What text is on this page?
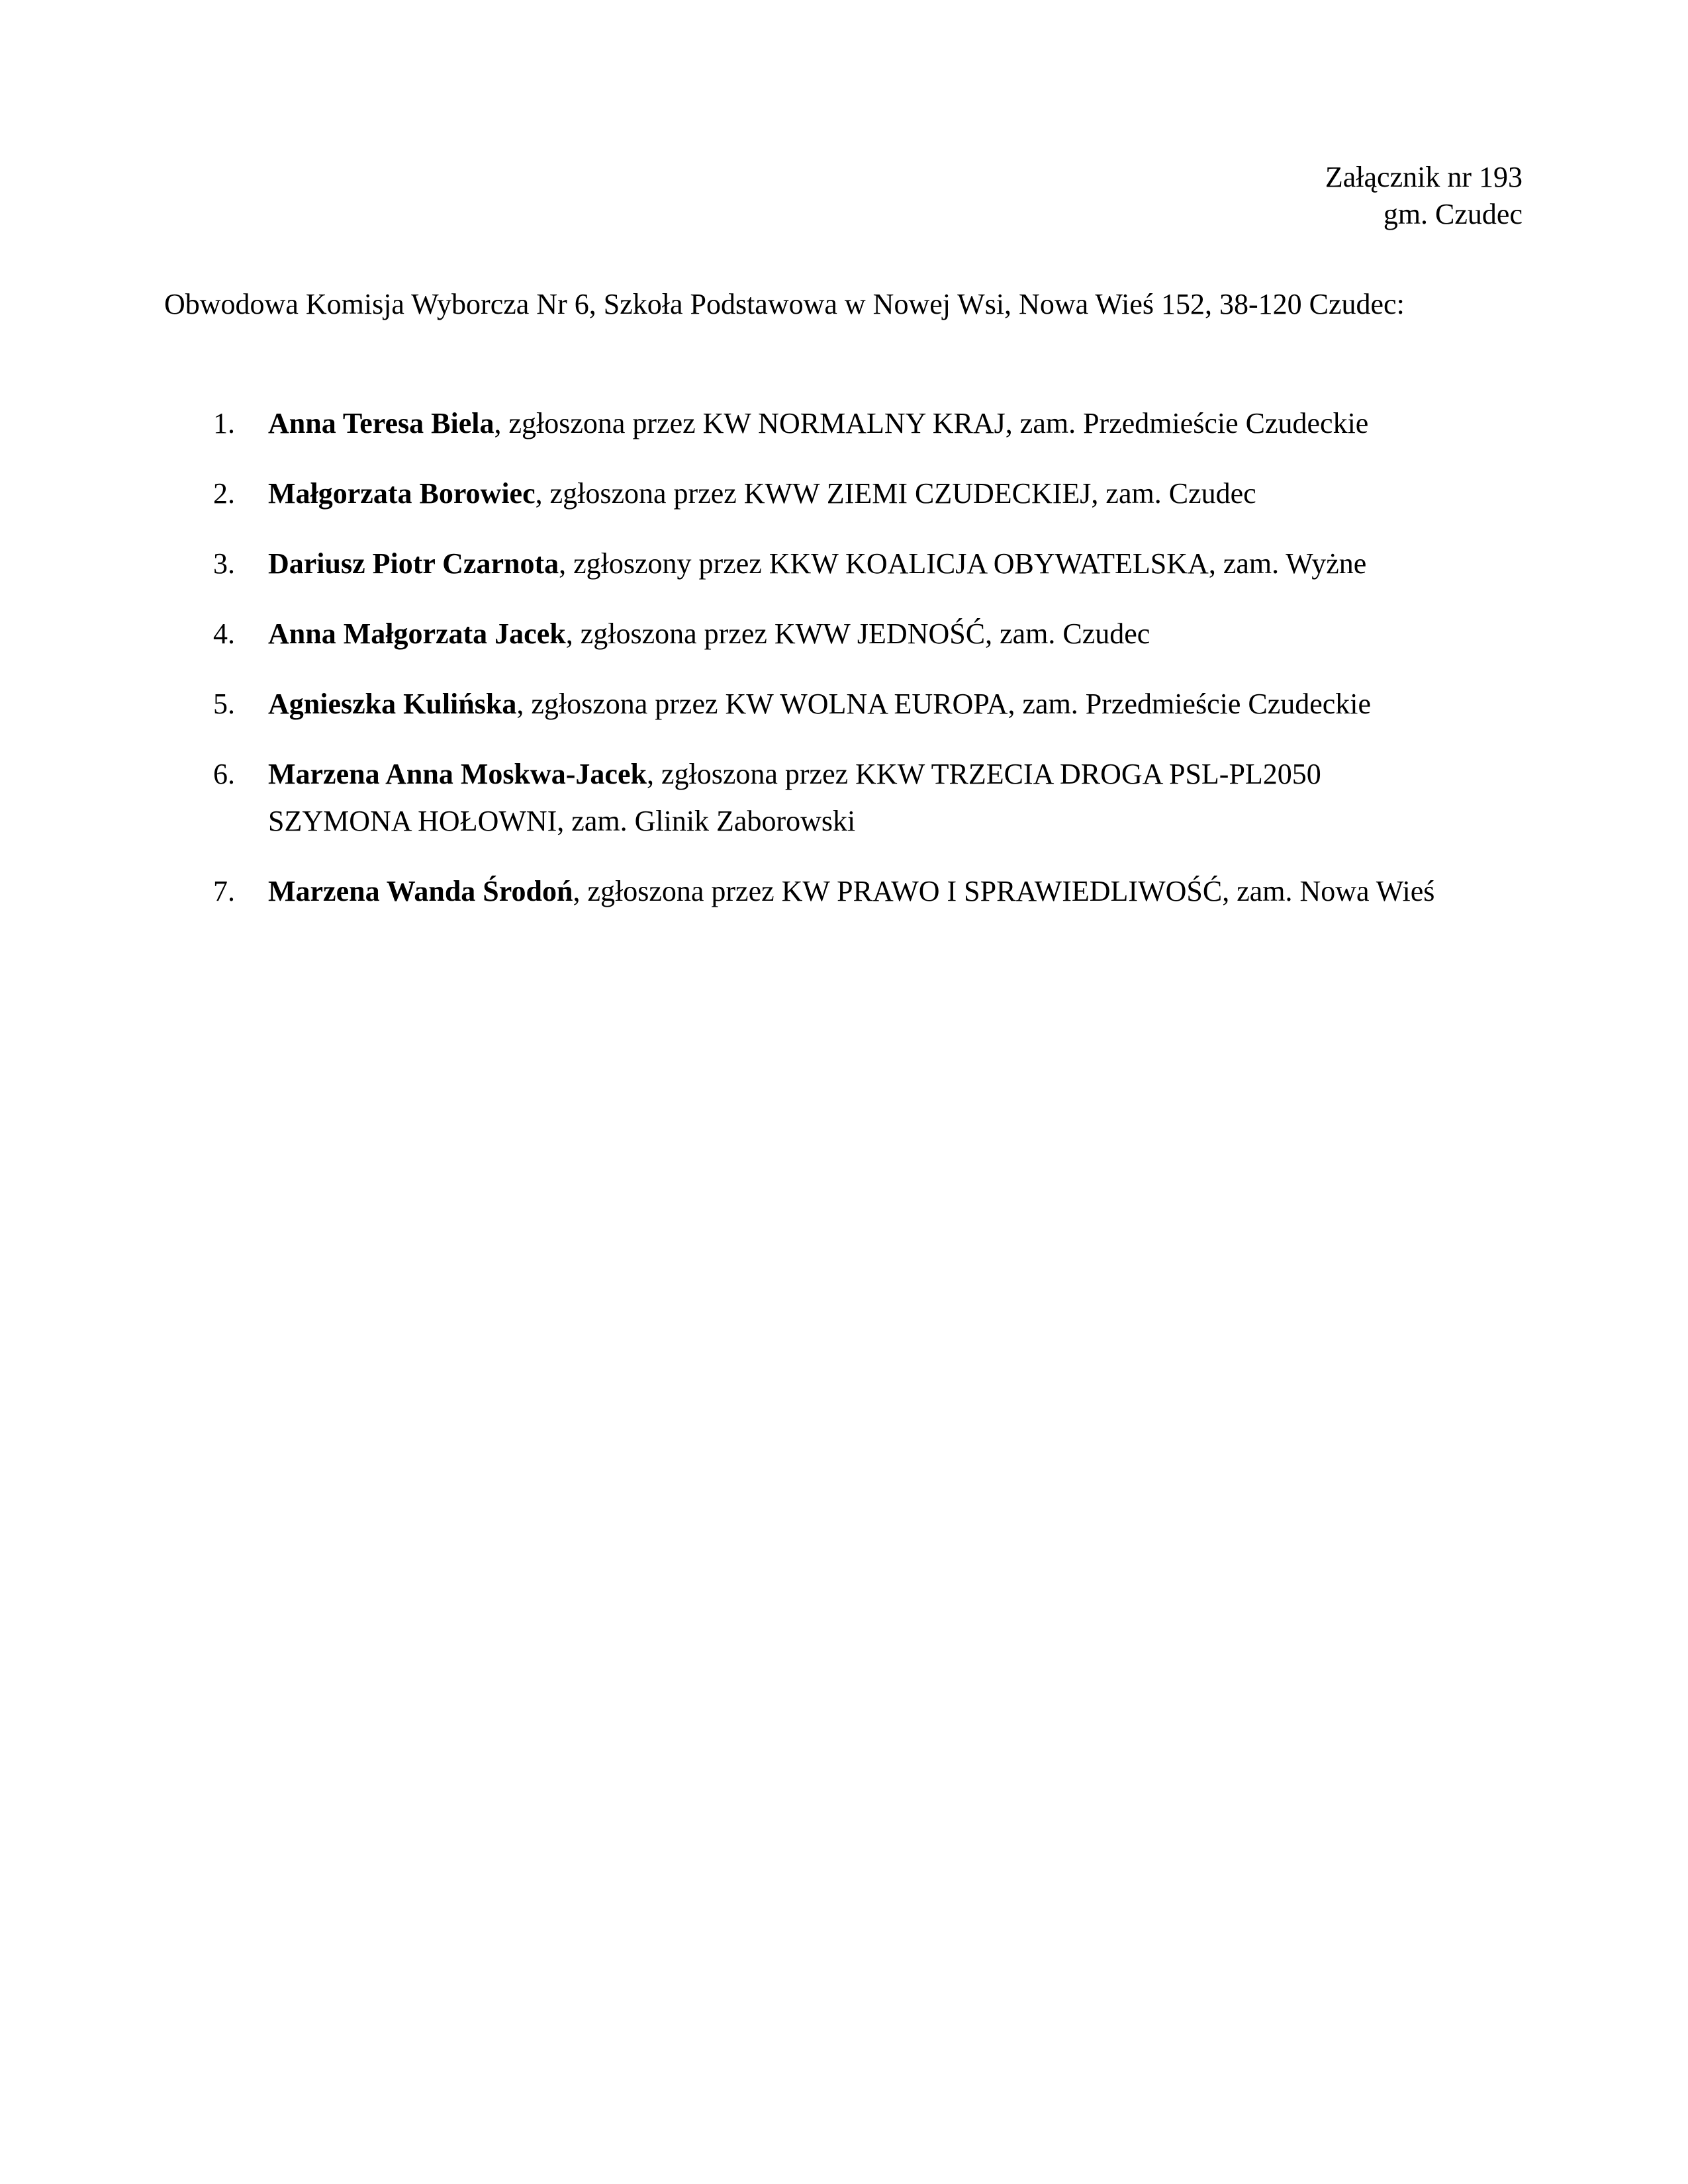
Załącznik nr 193
gm. Czudec
Obwodowa Komisja Wyborcza Nr 6, Szkoła Podstawowa w Nowej Wsi, Nowa Wieś 152, 38-120 Czudec:
1.	Anna Teresa Biela, zgłoszona przez KW NORMALNY KRAJ, zam. Przedmieście Czudeckie
2.	Małgorzata Borowiec, zgłoszona przez KWW ZIEMI CZUDECKIEJ, zam. Czudec
3.	Dariusz Piotr Czarnota, zgłoszony przez KKW KOALICJA OBYWATELSKA, zam. Wyżne
4.	Anna Małgorzata Jacek, zgłoszona przez KWW JEDNOŚĆ, zam. Czudec
5.	Agnieszka Kulińska, zgłoszona przez KW WOLNA EUROPA, zam. Przedmieście Czudeckie
6.	Marzena Anna Moskwa-Jacek, zgłoszona przez KKW TRZECIA DROGA PSL-PL2050 SZYMONA HOŁOWNI, zam. Glinik Zaborowski
7.	Marzena Wanda Środoń, zgłoszona przez KW PRAWO I SPRAWIEDLIWOŚĆ, zam. Nowa Wieś
